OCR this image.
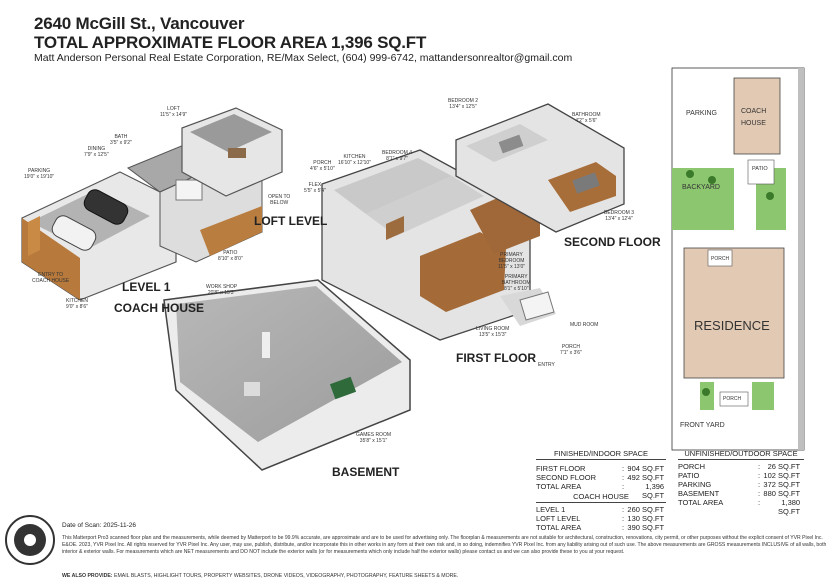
2640 McGill St., Vancouver
TOTAL APPROXIMATE FLOOR AREA 1,396 SQ.FT
Matt Anderson Personal Real Estate Corporation, RE/Max Select, (604) 999-6742, mattandersonrealtor@gmail.com
LOFT LEVEL
LEVEL 1
COACH HOUSE
BASEMENT
FIRST FLOOR
SECOND FLOOR
LOFT
11'5" x 14'9"
BATH
3'5" x 9'2"
DINING
7'9" x 12'5"
PARKING
19'0" x 19'10"
OPEN TO
BELOW
PATIO
8'10" x 8'0"
ENTRY TO
COACH HOUSE
KITCHEN
9'0" x 8'6"
WORK SHOP
20'8" x 15'3"
GAMES ROOM
35'8" x 15'1"
PORCH
4'6" x 5'10"
KITCHEN
16'10" x 12'10"
BEDROOM 4
8'1" x 9'7"
FLEX
5'5" x 5'4"
PRIMARY
BEDROOM
11'5" x 13'0"
PRIMARY
BATHROOM
8'1" x 5'10"
LIVING ROOM
13'5" x 15'3"
MUD ROOM
PORCH
7'1" x 3'6"
ENTRY
BEDROOM 2
13'4" x 12'5"
BATHROOM
4'2" x 5'6"
BEDROOM 3
13'4" x 12'4"
PARKING	COACH
HOUSE
PATIO
BACKYARD
PORCH
RESIDENCE
PORCH
FRONT YARD
FINISHED/INDOOR SPACE
FIRST FLOOR	: 904 SQ.FT
SECOND FLOOR	: 492 SQ.FT
TOTAL AREA	:	1,396 SQ.FT
COACH HOUSE
LEVEL 1	: 260 SQ.FT
LOFT LEVEL	: 130 SQ.FT
TOTAL AREA	: 390 SQ.FT
UNFINISHED/OUTDOOR SPACE
PORCH	: 26 SQ.FT
PATIO	: 102 SQ.FT
PARKING	: 372 SQ.FT
BASEMENT	: 880 SQ.FT
TOTAL AREA	:	1,380 SQ.FT
Date of Scan: 2025-11-26
This Matterport Pro3 scanned floor plan and the measurements, while deemed by Matterport to be 99.9% accurate, are approximate and are to be used for advertising only. The floorplan & measurements are not suitable for architectural, construction, renovations, city permit, or other purposes without the explicit consent of YVR Pixel Inc. E&OE. 2023, YVR Pixel Inc. All rights reserved for YVR Pixel Inc. Any user, may use, publish, distribute, and/or incorporate this in other works in any form at their own risk and, in so doing, indemnifies YVR Pixel Inc. from any liability arising out of such use. The above measurements are GROSS measurements INCLUSIVE of all walls, both interior & exterior walls. For measurements which are NET measurements and DO NOT include the exterior walls (or for measurements which only include half the exterior walls) please contact us and we can also provide these to you at your request.
WE ALSO PROVIDE: EMAIL BLASTS, HIGHLIGHT TOURS, PROPERTY WEBSITES, DRONE VIDEOS, VIDEOGRAPHY, PHOTOGRAPHY, FEATURE SHEETS & MORE.
